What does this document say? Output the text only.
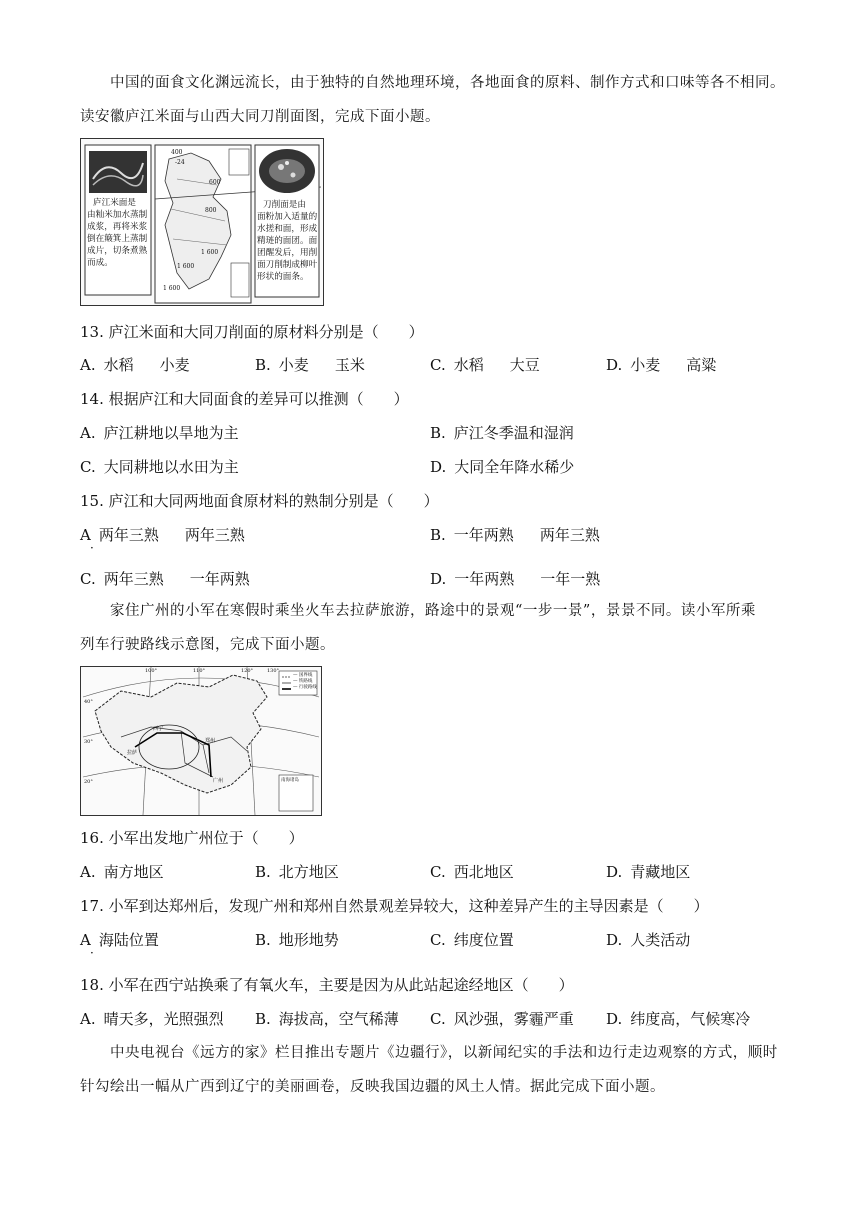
中国的面食文化渊远流长，由于独特的自然地理环境，各地面食的原料、制作方式和口味等各不相同。
读安徽庐江米面与山西大同刀削面图，完成下面小题。
庐江米面是
由籼米加水蒸制
成浆，再将米浆
倒在簸箕上蒸制
成片，切条煮熟
而成。
刀削面是由
面粉加入适量的
水搓和面，形成
精琏的面团。面
团醒发后，用削
面刀削制成柳叶
形状的面条。
400
-24
600
800
1 600
1 600
1 600
13. 庐江米面和大同刀削面的原材料分别是（　　）
A. 水稻 小麦	B. 小麦 玉米	C. 水稻 大豆	D. 小麦 高粱
14. 根据庐江和大同面食的差异可以推测（　　）
A. 庐江耕地以旱地为主	B. 庐江冬季温和湿润
C. 大同耕地以水田为主	D. 大同全年降水稀少
15. 庐江和大同两地面食原材料的熟制分别是（　　）
A 两年三熟 两年三熟
·
B. 一年两熟 两年三熟
C. 两年三熟 一年两熟	D. 一年两熟 一年一熟
家住广州的小军在寒假时乘坐火车去拉萨旅游，路途中的景观“一步一景”，景景不同。读小军所乘
列车行驶路线示意图，完成下面小题。
— 国界线
— 铁路线
— 行驶路线
100°	110°	120°	130°
40°
30°
20°
拉萨
西宁
郑州
广州	南海诸岛
16. 小军出发地广州位于（　　）
A. 南方地区	B. 北方地区	C. 西北地区	D. 青藏地区
17. 小军到达郑州后，发现广州和郑州自然景观差异较大，这种差异产生的主导因素是（　　）
A 海陆位置
·
B. 地形地势	C. 纬度位置	D. 人类活动
18. 小军在西宁站换乘了有氧火车，主要是因为从此站起途经地区（　　）
A. 晴天多，光照强烈 B. 海拔高，空气稀薄 C. 风沙强，雾霾严重 D. 纬度高，气候寒冷
中央电视台《远方的家》栏目推出专题片《边疆行》，以新闻纪实的手法和边行走边观察的方式，顺时
针勾绘出一幅从广西到辽宁的美丽画卷，反映我国边疆的风土人情。据此完成下面小题。
